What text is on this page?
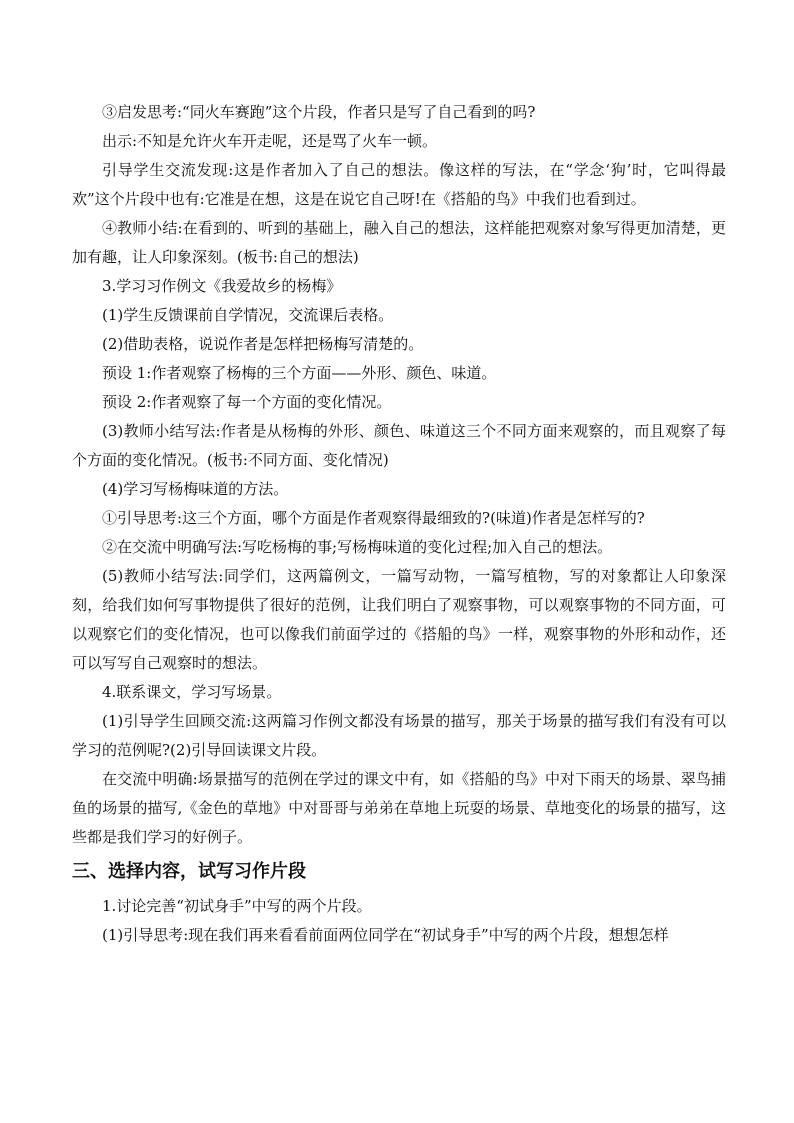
③启发思考:“同火车赛跑”这个片段，作者只是写了自己看到的吗?

出示:不知是允许火车开走呢，还是骂了火车一顿。

引导学生交流发现:这是作者加入了自己的想法。像这样的写法，在“学念‘狗’时，它叫得最欢”这个片段中也有:它准是在想，这是在说它自己呀!在《搭船的鸟》中我们也看到过。

④教师小结:在看到的、听到的基础上，融入自己的想法，这样能把观察对象写得更加清楚，更加有趣，让人印象深刻。(板书:自己的想法)

3.学习习作例文《我爱故乡的杨梅》

(1)学生反馈课前自学情况，交流课后表格。

(2)借助表格，说说作者是怎样把杨梅写清楚的。

预设 1:作者观察了杨梅的三个方面——外形、颜色、味道。

预设 2:作者观察了每一个方面的变化情况。

(3)教师小结写法:作者是从杨梅的外形、颜色、味道这三个不同方面来观察的，而且观察了每个方面的变化情况。(板书:不同方面、变化情况)

(4)学习写杨梅味道的方法。

①引导思考:这三个方面，哪个方面是作者观察得最细致的?(味道)作者是怎样写的?

②在交流中明确写法:写吃杨梅的事;写杨梅味道的变化过程;加入自己的想法。

(5)教师小结写法:同学们，这两篇例文，一篇写动物，一篇写植物，写的对象都让人印象深刻，给我们如何写事物提供了很好的范例，让我们明白了观察事物，可以观察事物的不同方面，可以观察它们的变化情况，也可以像我们前面学过的《搭船的鸟》一样，观察事物的外形和动作，还可以写写自己观察时的想法。

4.联系课文，学习写场景。

(1)引导学生回顾交流:这两篇习作例文都没有场景的描写，那关于场景的描写我们有没有可以学习的范例呢?(2)引导回读课文片段。

在交流中明确:场景描写的范例在学过的课文中有，如《搭船的鸟》中对下雨天的场景、翠鸟捕鱼的场景的描写,《金色的草地》中对哥哥与弟弟在草地上玩耍的场景、草地变化的场景的描写，这些都是我们学习的好例子。

三、选择内容，试写习作片段

1.讨论完善“初试身手”中写的两个片段。

(1)引导思考:现在我们再来看看前面两位同学在“初试身手”中写的两个片段，想想怎样
